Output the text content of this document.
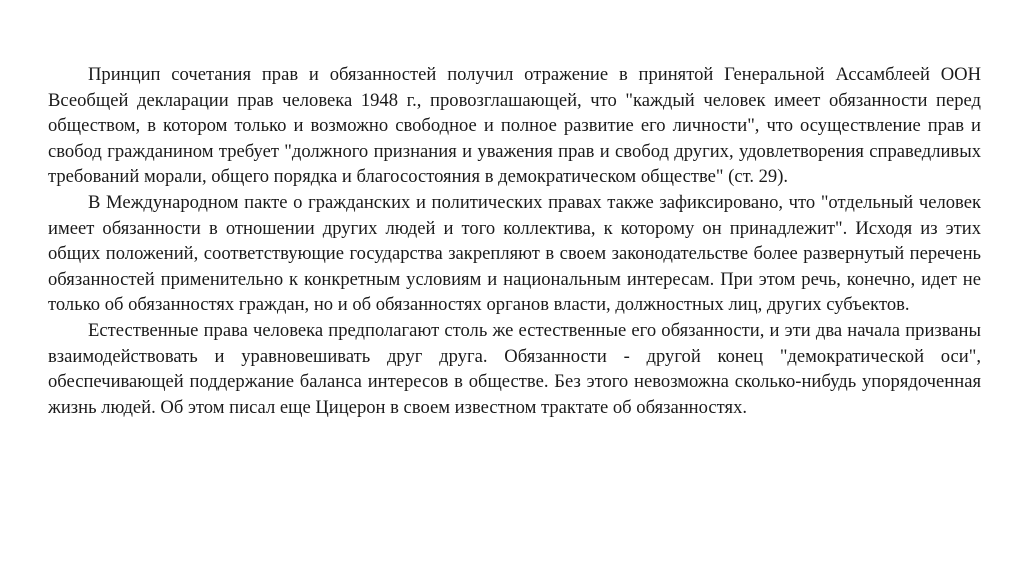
Принцип сочетания прав и обязанностей получил отражение в принятой Генеральной Ассамблеей ООН Всеобщей декларации прав человека 1948 г., провозглашающей, что "каждый человек имеет обязанности перед обществом, в котором только и возможно свободное и полное развитие его личности", что осуществление прав и свобод гражданином требует "должного признания и уважения прав и свобод других, удовлетворения справедливых требований морали, общего порядка и благосостояния в демократическом обществе" (ст. 29).

В Международном пакте о гражданских и политических правах также зафиксировано, что "отдельный человек имеет обязанности в отношении других людей и того коллектива, к которому он принадлежит". Исходя из этих общих положений, соответствующие государства закрепляют в своем законодательстве более развернутый перечень обязанностей применительно к конкретным условиям и национальным интересам. При этом речь, конечно, идет не только об обязанностях граждан, но и об обязанностях органов власти, должностных лиц, других субъектов.

Естественные права человека предполагают столь же естественные его обязанности, и эти два начала призваны взаимодействовать и уравновешивать друг друга. Обязанности - другой конец "демократической оси", обеспечивающей поддержание баланса интересов в обществе. Без этого невозможна сколько-нибудь упорядоченная жизнь людей. Об этом писал еще Цицерон в своем известном трактате об обязанностях.
